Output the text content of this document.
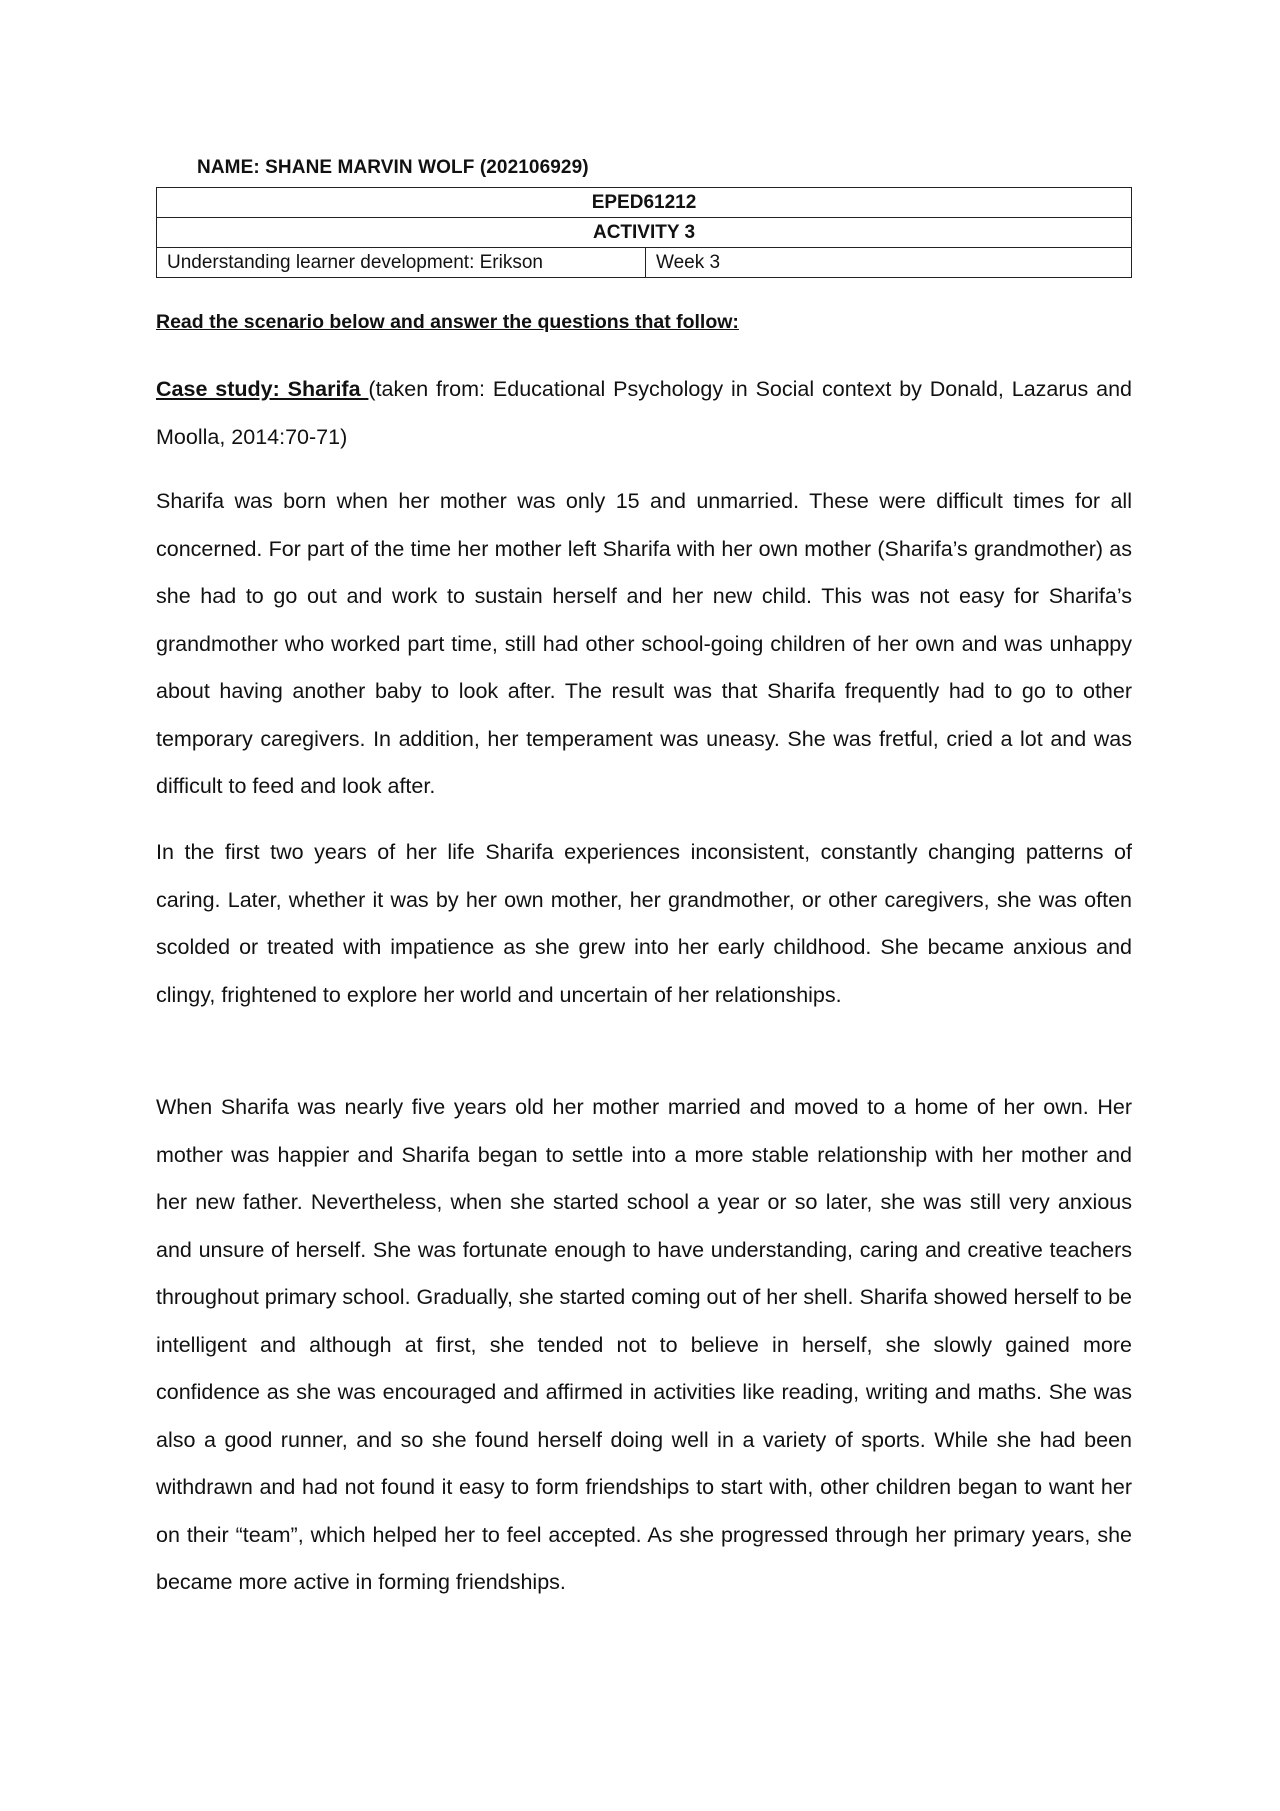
NAME: SHANE MARVIN WOLF (202106929)
EPED61212
ACTIVITY 3
Understanding learner development: Erikson	Week 3
Read the scenario below and answer the questions that follow:
Case study: Sharifa (taken from: Educational Psychology in Social context by Donald, Lazarus and Moolla, 2014:70-71)
Sharifa was born when her mother was only 15 and unmarried. These were difficult times for all concerned. For part of the time her mother left Sharifa with her own mother (Sharifa’s grandmother) as she had to go out and work to sustain herself and her new child. This was not easy for Sharifa’s grandmother who worked part time, still had other school-going children of her own and was unhappy about having another baby to look after. The result was that Sharifa frequently had to go to other temporary caregivers. In addition, her temperament was uneasy. She was fretful, cried a lot and was difficult to feed and look after.
In the first two years of her life Sharifa experiences inconsistent, constantly changing patterns of caring. Later, whether it was by her own mother, her grandmother, or other caregivers, she was often scolded or treated with impatience as she grew into her early childhood. She became anxious and clingy, frightened to explore her world and uncertain of her relationships.
When Sharifa was nearly five years old her mother married and moved to a home of her own. Her mother was happier and Sharifa began to settle into a more stable relationship with her mother and her new father. Nevertheless, when she started school a year or so later, she was still very anxious and unsure of herself. She was fortunate enough to have understanding, caring and creative teachers throughout primary school. Gradually, she started coming out of her shell. Sharifa showed herself to be intelligent and although at first, she tended not to believe in herself, she slowly gained more confidence as she was encouraged and affirmed in activities like reading, writing and maths. She was also a good runner, and so she found herself doing well in a variety of sports. While she had been withdrawn and had not found it easy to form friendships to start with, other children began to want her on their “team”, which helped her to feel accepted. As she progressed through her primary years, she became more active in forming friendships.
